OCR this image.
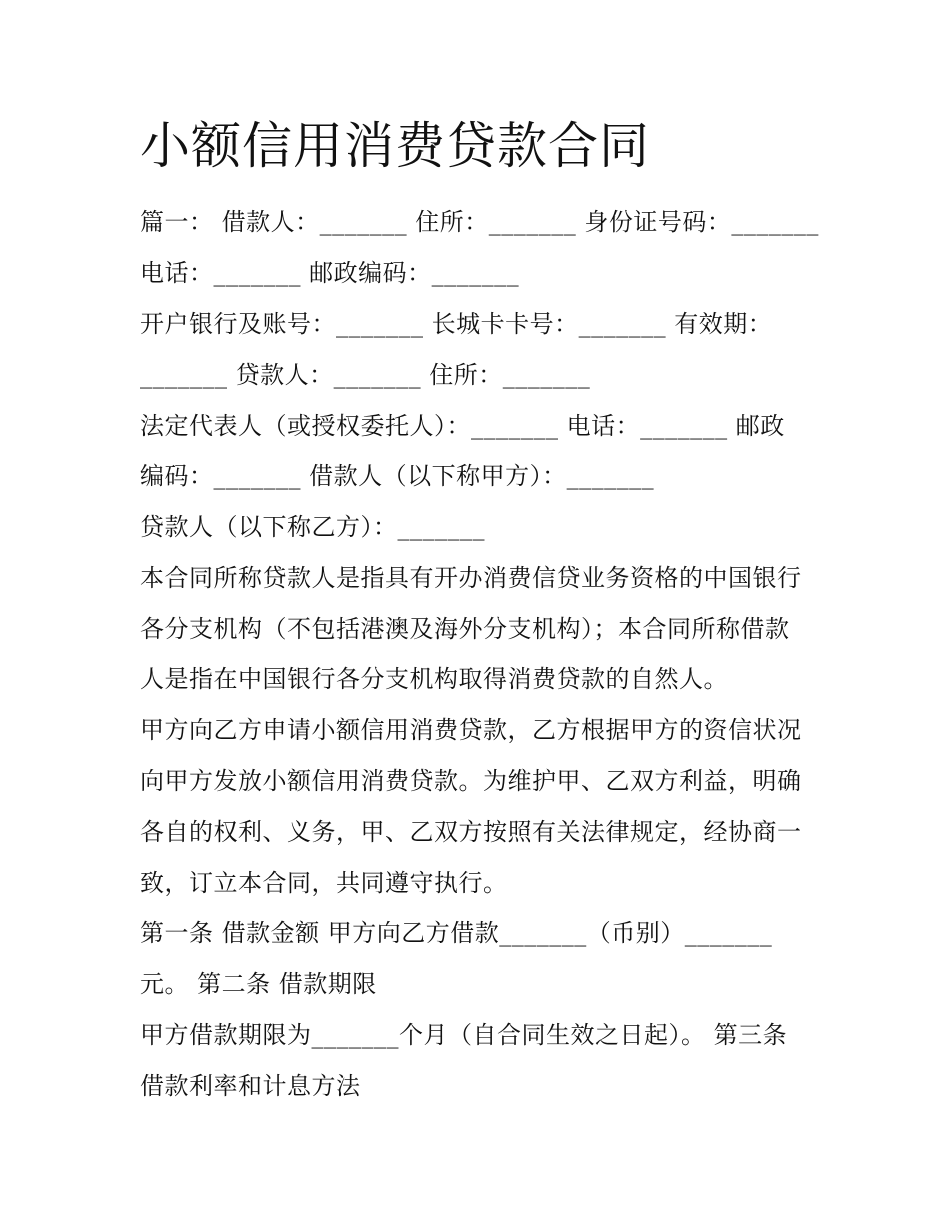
小额信用消费贷款合同
篇一： 借款人：_______ 住所：_______ 身份证号码：_______
电话：_______ 邮政编码：_______
开户银行及账号：_______ 长城卡卡号：_______ 有效期：
_______ 贷款人：_______ 住所：_______
法定代表人（或授权委托人）：_______ 电话：_______ 邮政
编码：_______ 借款人（以下称甲方）：_______
贷款人（以下称乙方）：_______
本合同所称贷款人是指具有开办消费信贷业务资格的中国银行
各分支机构（不包括港澳及海外分支机构）；本合同所称借款
人是指在中国银行各分支机构取得消费贷款的自然人。
甲方向乙方申请小额信用消费贷款，乙方根据甲方的资信状况
向甲方发放小额信用消费贷款。为维护甲、乙双方利益，明确
各自的权利、义务，甲、乙双方按照有关法律规定，经协商一
致，订立本合同，共同遵守执行。
第一条 借款金额 甲方向乙方借款_______（币别）_______
元。 第二条 借款期限
甲方借款期限为_______个月（自合同生效之日起）。 第三条
借款利率和计息方法
